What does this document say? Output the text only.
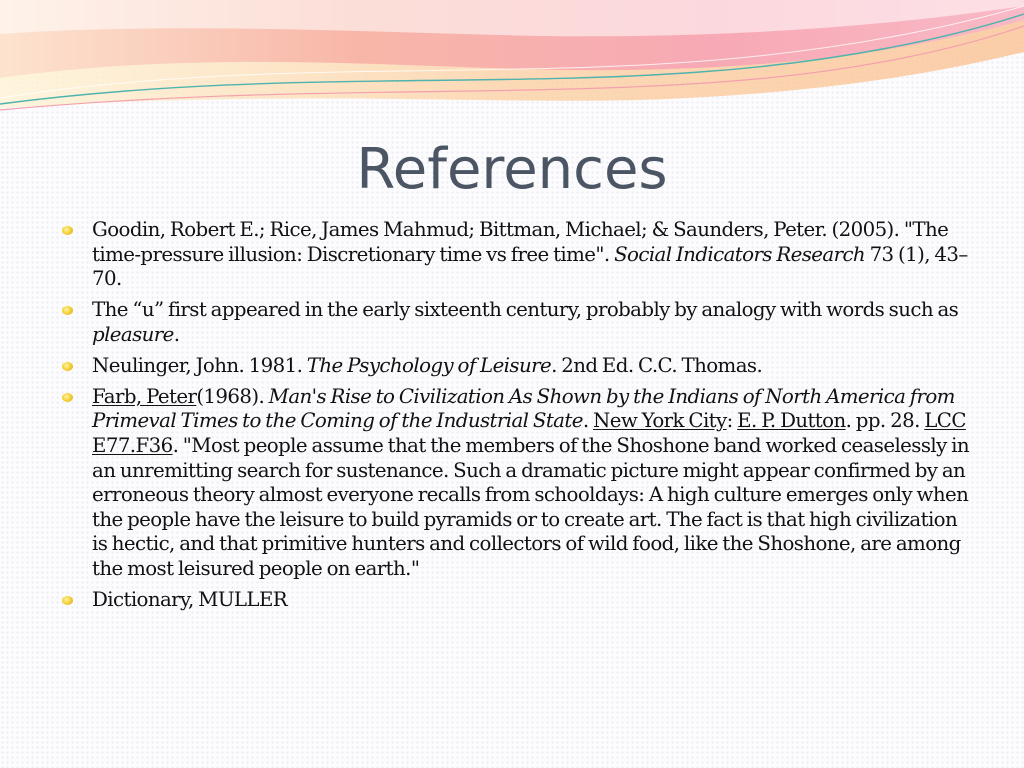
References
Goodin, Robert E.; Rice, James Mahmud; Bittman, Michael; & Saunders, Peter. (2005). "The time-pressure illusion: Discretionary time vs free time". Social Indicators Research 73 (1), 43–70.
The “u” first appeared in the early sixteenth century, probably by analogy with words such as pleasure.
Neulinger, John. 1981. The Psychology of Leisure. 2nd Ed. C.C. Thomas.
Farb, Peter(1968). Man's Rise to Civilization As Shown by the Indians of North America from Primeval Times to the Coming of the Industrial State. New York City: E. P. Dutton. pp. 28. LCC E77.F36. "Most people assume that the members of the Shoshone band worked ceaselessly in an unremitting search for sustenance. Such a dramatic picture might appear confirmed by an erroneous theory almost everyone recalls from schooldays: A high culture emerges only when the people have the leisure to build pyramids or to create art. The fact is that high civilization is hectic, and that primitive hunters and collectors of wild food, like the Shoshone, are among the most leisured people on earth."
Dictionary, MULLER
